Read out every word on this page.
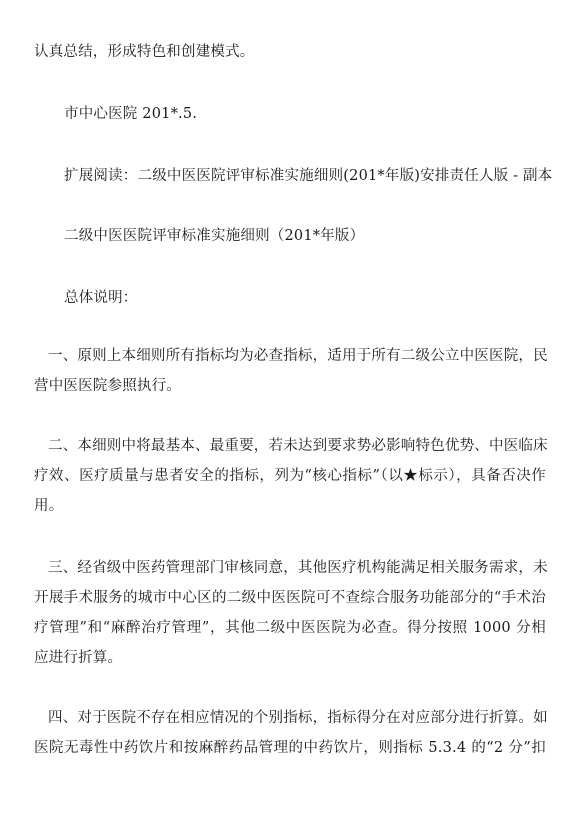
认真总结，形成特色和创建模式。
市中心医院 201*.5.
扩展阅读：二级中医医院评审标准实施细则(201*年版)安排责任人版 - 副本
二级中医医院评审标准实施细则（201*年版）
总体说明：
一、原则上本细则所有指标均为必查指标，适用于所有二级公立中医医院，民
营中医医院参照执行。
二、本细则中将最基本、最重要，若未达到要求势必影响特色优势、中医临床
疗效、医疗质量与患者安全的指标，列为“核心指标”（以★标示），具备否决作
用。
三、经省级中医药管理部门审核同意，其他医疗机构能满足相关服务需求，未
开展手术服务的城市中心区的二级中医医院可不查综合服务功能部分的“手术治
疗管理”和“麻醉治疗管理”，其他二级中医医院为必查。得分按照 1000 分相
应进行折算。
四、对于医院不存在相应情况的个别指标，指标得分在对应部分进行折算。如
医院无毒性中药饮片和按麻醉药品管理的中药饮片，则指标 5.3.4 的“2 分”扣
